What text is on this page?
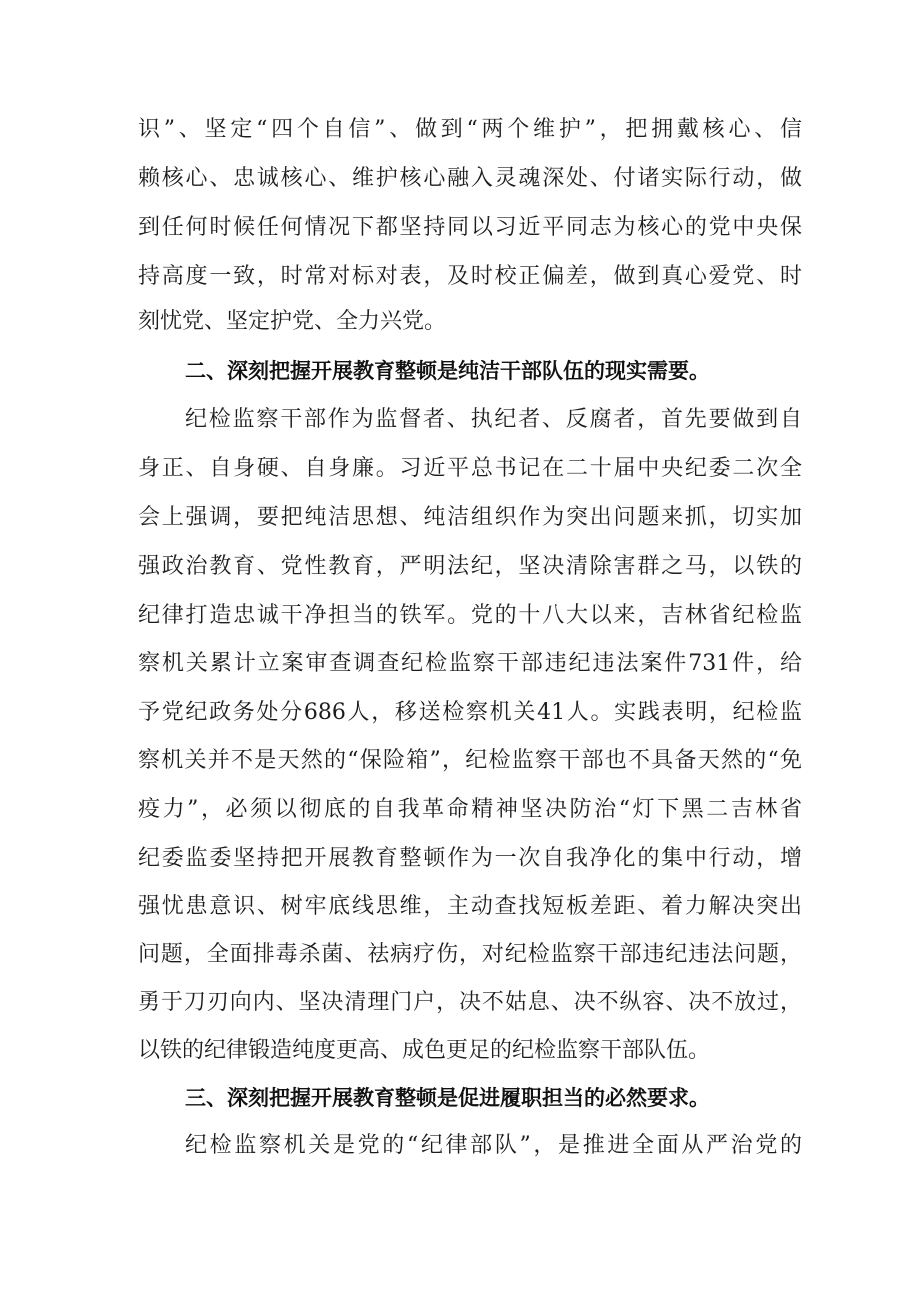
识”、坚定“四个自信”、做到“两个维护”，把拥戴核心、信
赖核心、忠诚核心、维护核心融入灵魂深处、付诸实际行动，做
到任何时候任何情况下都坚持同以习近平同志为核心的党中央保
持高度一致，时常对标对表，及时校正偏差，做到真心爱党、时
刻忧党、坚定护党、全力兴党。
二、深刻把握开展教育整顿是纯洁干部队伍的现实需要。
纪检监察干部作为监督者、执纪者、反腐者，首先要做到自
身正、自身硬、自身廉。习近平总书记在二十届中央纪委二次全
会上强调，要把纯洁思想、纯洁组织作为突出问题来抓，切实加
强政治教育、党性教育，严明法纪，坚决清除害群之马，以铁的
纪律打造忠诚干净担当的铁军。党的十八大以来，吉林省纪检监
察机关累计立案审查调查纪检监察干部违纪违法案件731件，给
予党纪政务处分686人，移送检察机关41人。实践表明，纪检监
察机关并不是天然的“保险箱”，纪检监察干部也不具备天然的“免
疫力”，必须以彻底的自我革命精神坚决防治“灯下黑二吉林省
纪委监委坚持把开展教育整顿作为一次自我净化的集中行动，增
强忧患意识、树牢底线思维，主动查找短板差距、着力解决突出
问题，全面排毒杀菌、祛病疗伤，对纪检监察干部违纪违法问题，
勇于刀刃向内、坚决清理门户，决不姑息、决不纵容、决不放过，
以铁的纪律锻造纯度更高、成色更足的纪检监察干部队伍。
三、深刻把握开展教育整顿是促进履职担当的必然要求。
纪检监察机关是党的“纪律部队”，是推进全面从严治党的
